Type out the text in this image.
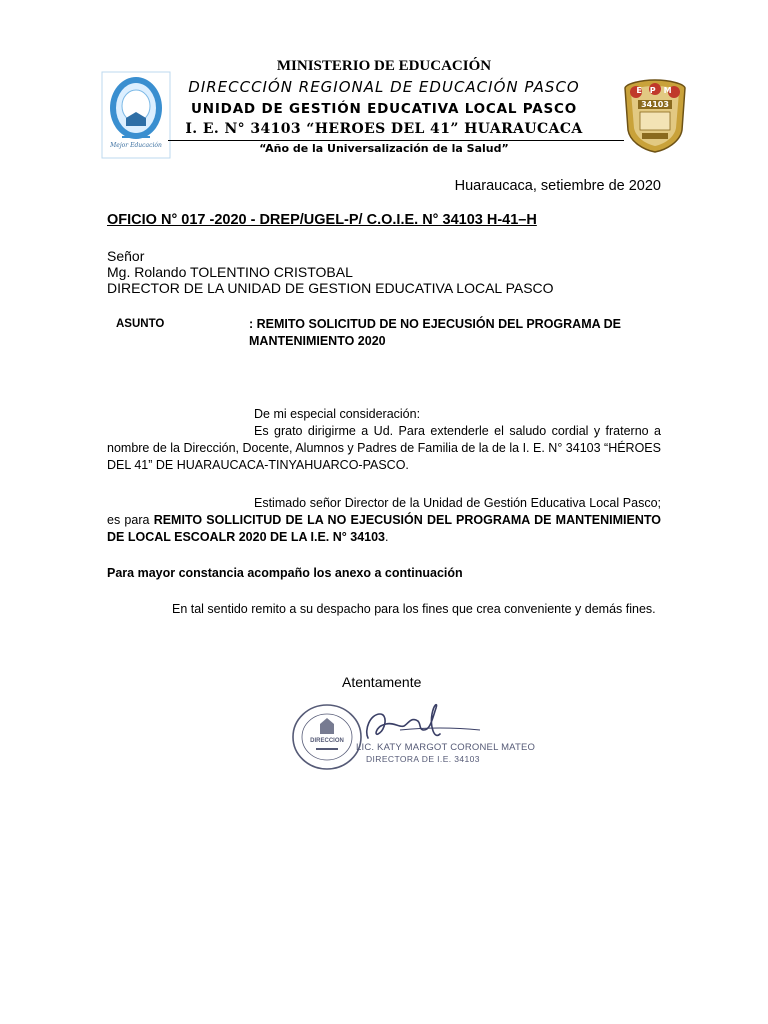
Mejor Educación
MINISTERIO DE EDUCACIÓN
DIRECCCIÓN REGIONAL DE EDUCACIÓN PASCO
UNIDAD DE GESTIÓN EDUCATIVA LOCAL PASCO
I. E. N° 34103 “HEROES DEL 41” HUARAUCACA
“Año de la Universalización de la Salud”
EPM
34103
Huaraucaca, setiembre de 2020
OFICIO N° 017 -2020 - DREP/UGEL-P/ C.O.I.E. N° 34103 H-41–H
Señor
Mg. Rolando TOLENTINO CRISTOBAL
DIRECTOR DE LA UNIDAD DE GESTION EDUCATIVA LOCAL PASCO
ASUNTO	: REMITO SOLICITUD DE NO EJECUSIÓN DEL PROGRAMA DE MANTENIMIENTO 2020
De mi especial consideración:
Es grato dirigirme a Ud. Para extenderle el saludo cordial y fraterno a nombre de la Dirección, Docente, Alumnos y Padres de Familia de la de la I. E. N° 34103 “HÉROES DEL 41” DE HUARAUCACA-TINYAHUARCO-PASCO.
Estimado señor Director de la Unidad de Gestión Educativa Local Pasco; es para REMITO SOLLICITUD DE LA NO EJECUSIÓN DEL PROGRAMA DE MANTENIMIENTO DE LOCAL ESCOALR 2020 DE LA I.E. N° 34103.
Para mayor constancia acompaño los anexo a continuación
En tal sentido remito a su despacho para los fines que crea conveniente y demás fines.
Atentamente
DIRECCION
LIC. KATY MARGOT CORONEL MATEO
DIRECTORA DE I.E. 34103
